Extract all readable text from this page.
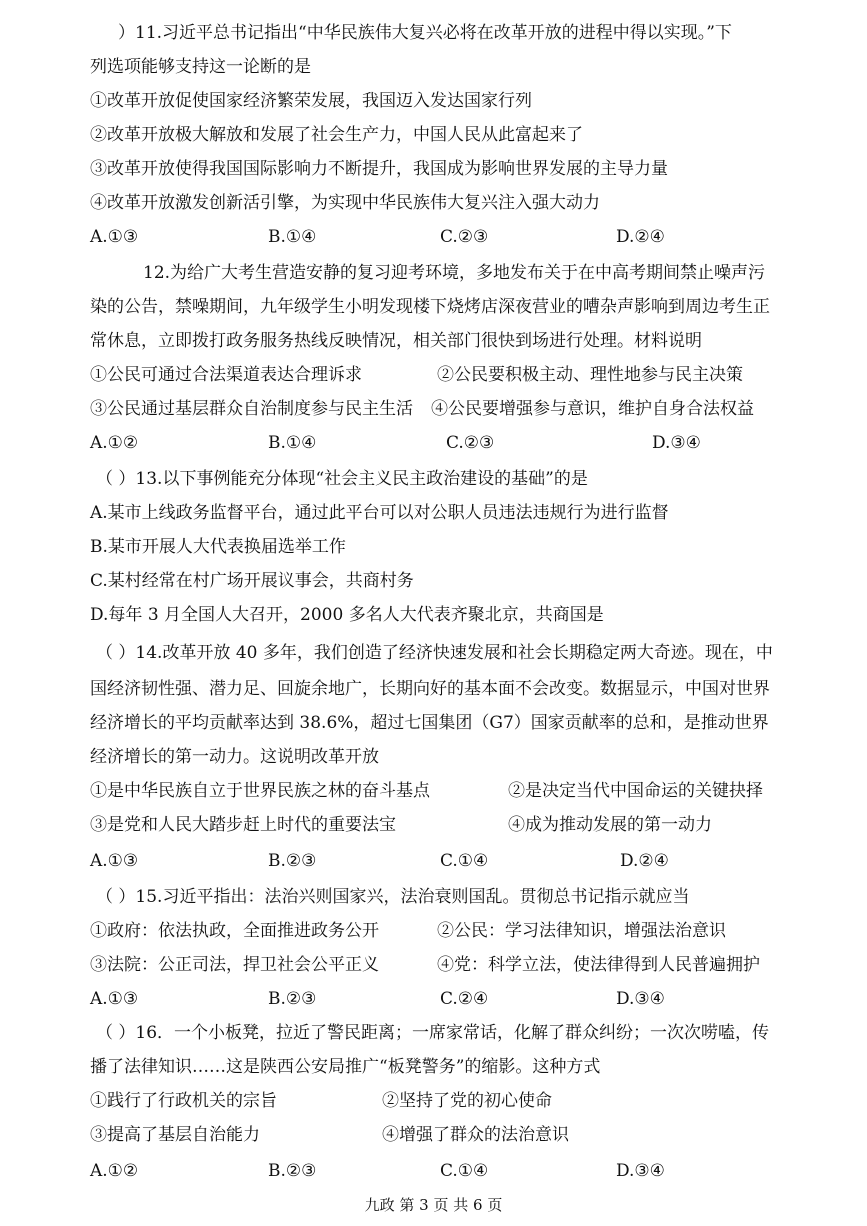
）11.习近平总书记指出“中华民族伟大复兴必将在改革开放的进程中得以实现。”下
列选项能够支持这一论断的是
①改革开放促使国家经济繁荣发展，我国迈入发达国家行列
②改革开放极大解放和发展了社会生产力，中国人民从此富起来了
③改革开放使得我国国际影响力不断提升，我国成为影响世界发展的主导力量
④改革开放激发创新活引擎，为实现中华民族伟大复兴注入强大动力
A.①③	B.①④	C.②③	D.②④
12.为给广大考生营造安静的复习迎考环境，多地发布关于在中高考期间禁止噪声污
染的公告，禁噪期间，九年级学生小明发现楼下烧烤店深夜营业的嘈杂声影响到周边考生正
常休息，立即拨打政务服务热线反映情况，相关部门很快到场进行处理。材料说明
①公民可通过合法渠道表达合理诉求	②公民要积极主动、理性地参与民主决策
③公民通过基层群众自治制度参与民主生活 ④公民要增强参与意识，维护自身合法权益
A.①②	B.①④	C.②③	D.③④
（ ）13.以下事例能充分体现“社会主义民主政治建设的基础”的是
A.某市上线政务监督平台，通过此平台可以对公职人员违法违规行为进行监督
B.某市开展人大代表换届选举工作
C.某村经常在村广场开展议事会，共商村务
D.每年 3 月全国人大召开，2000 多名人大代表齐聚北京，共商国是
（ ）14.改革开放 40 多年，我们创造了经济快速发展和社会长期稳定两大奇迹。现在，中
国经济韧性强、潜力足、回旋余地广，长期向好的基本面不会改变。数据显示，中国对世界
经济增长的平均贡献率达到 38.6%，超过七国集团（G7）国家贡献率的总和，是推动世界
经济增长的第一动力。这说明改革开放
①是中华民族自立于世界民族之林的奋斗基点	②是决定当代中国命运的关键抉择
③是党和人民大踏步赶上时代的重要法宝	④成为推动发展的第一动力
A.①③	B.②③	C.①④	D.②④
（ ）15.习近平指出：法治兴则国家兴，法治衰则国乱。贯彻总书记指示就应当
①政府：依法执政，全面推进政务公开	②公民：学习法律知识，增强法治意识
③法院：公正司法，捍卫社会公平正义	④党：科学立法，使法律得到人民普遍拥护
A.①③	B.②③	C.②④	D.③④
（ ）16．一个小板凳，拉近了警民距离；一席家常话，化解了群众纠纷；一次次唠嗑，传
播了法律知识……这是陕西公安局推广“板凳警务”的缩影。这种方式
①践行了行政机关的宗旨	②坚持了党的初心使命
③提高了基层自治能力	④增强了群众的法治意识
A.①②	B.②③	C.①④	D.③④
九政 第 3 页 共 6 页
